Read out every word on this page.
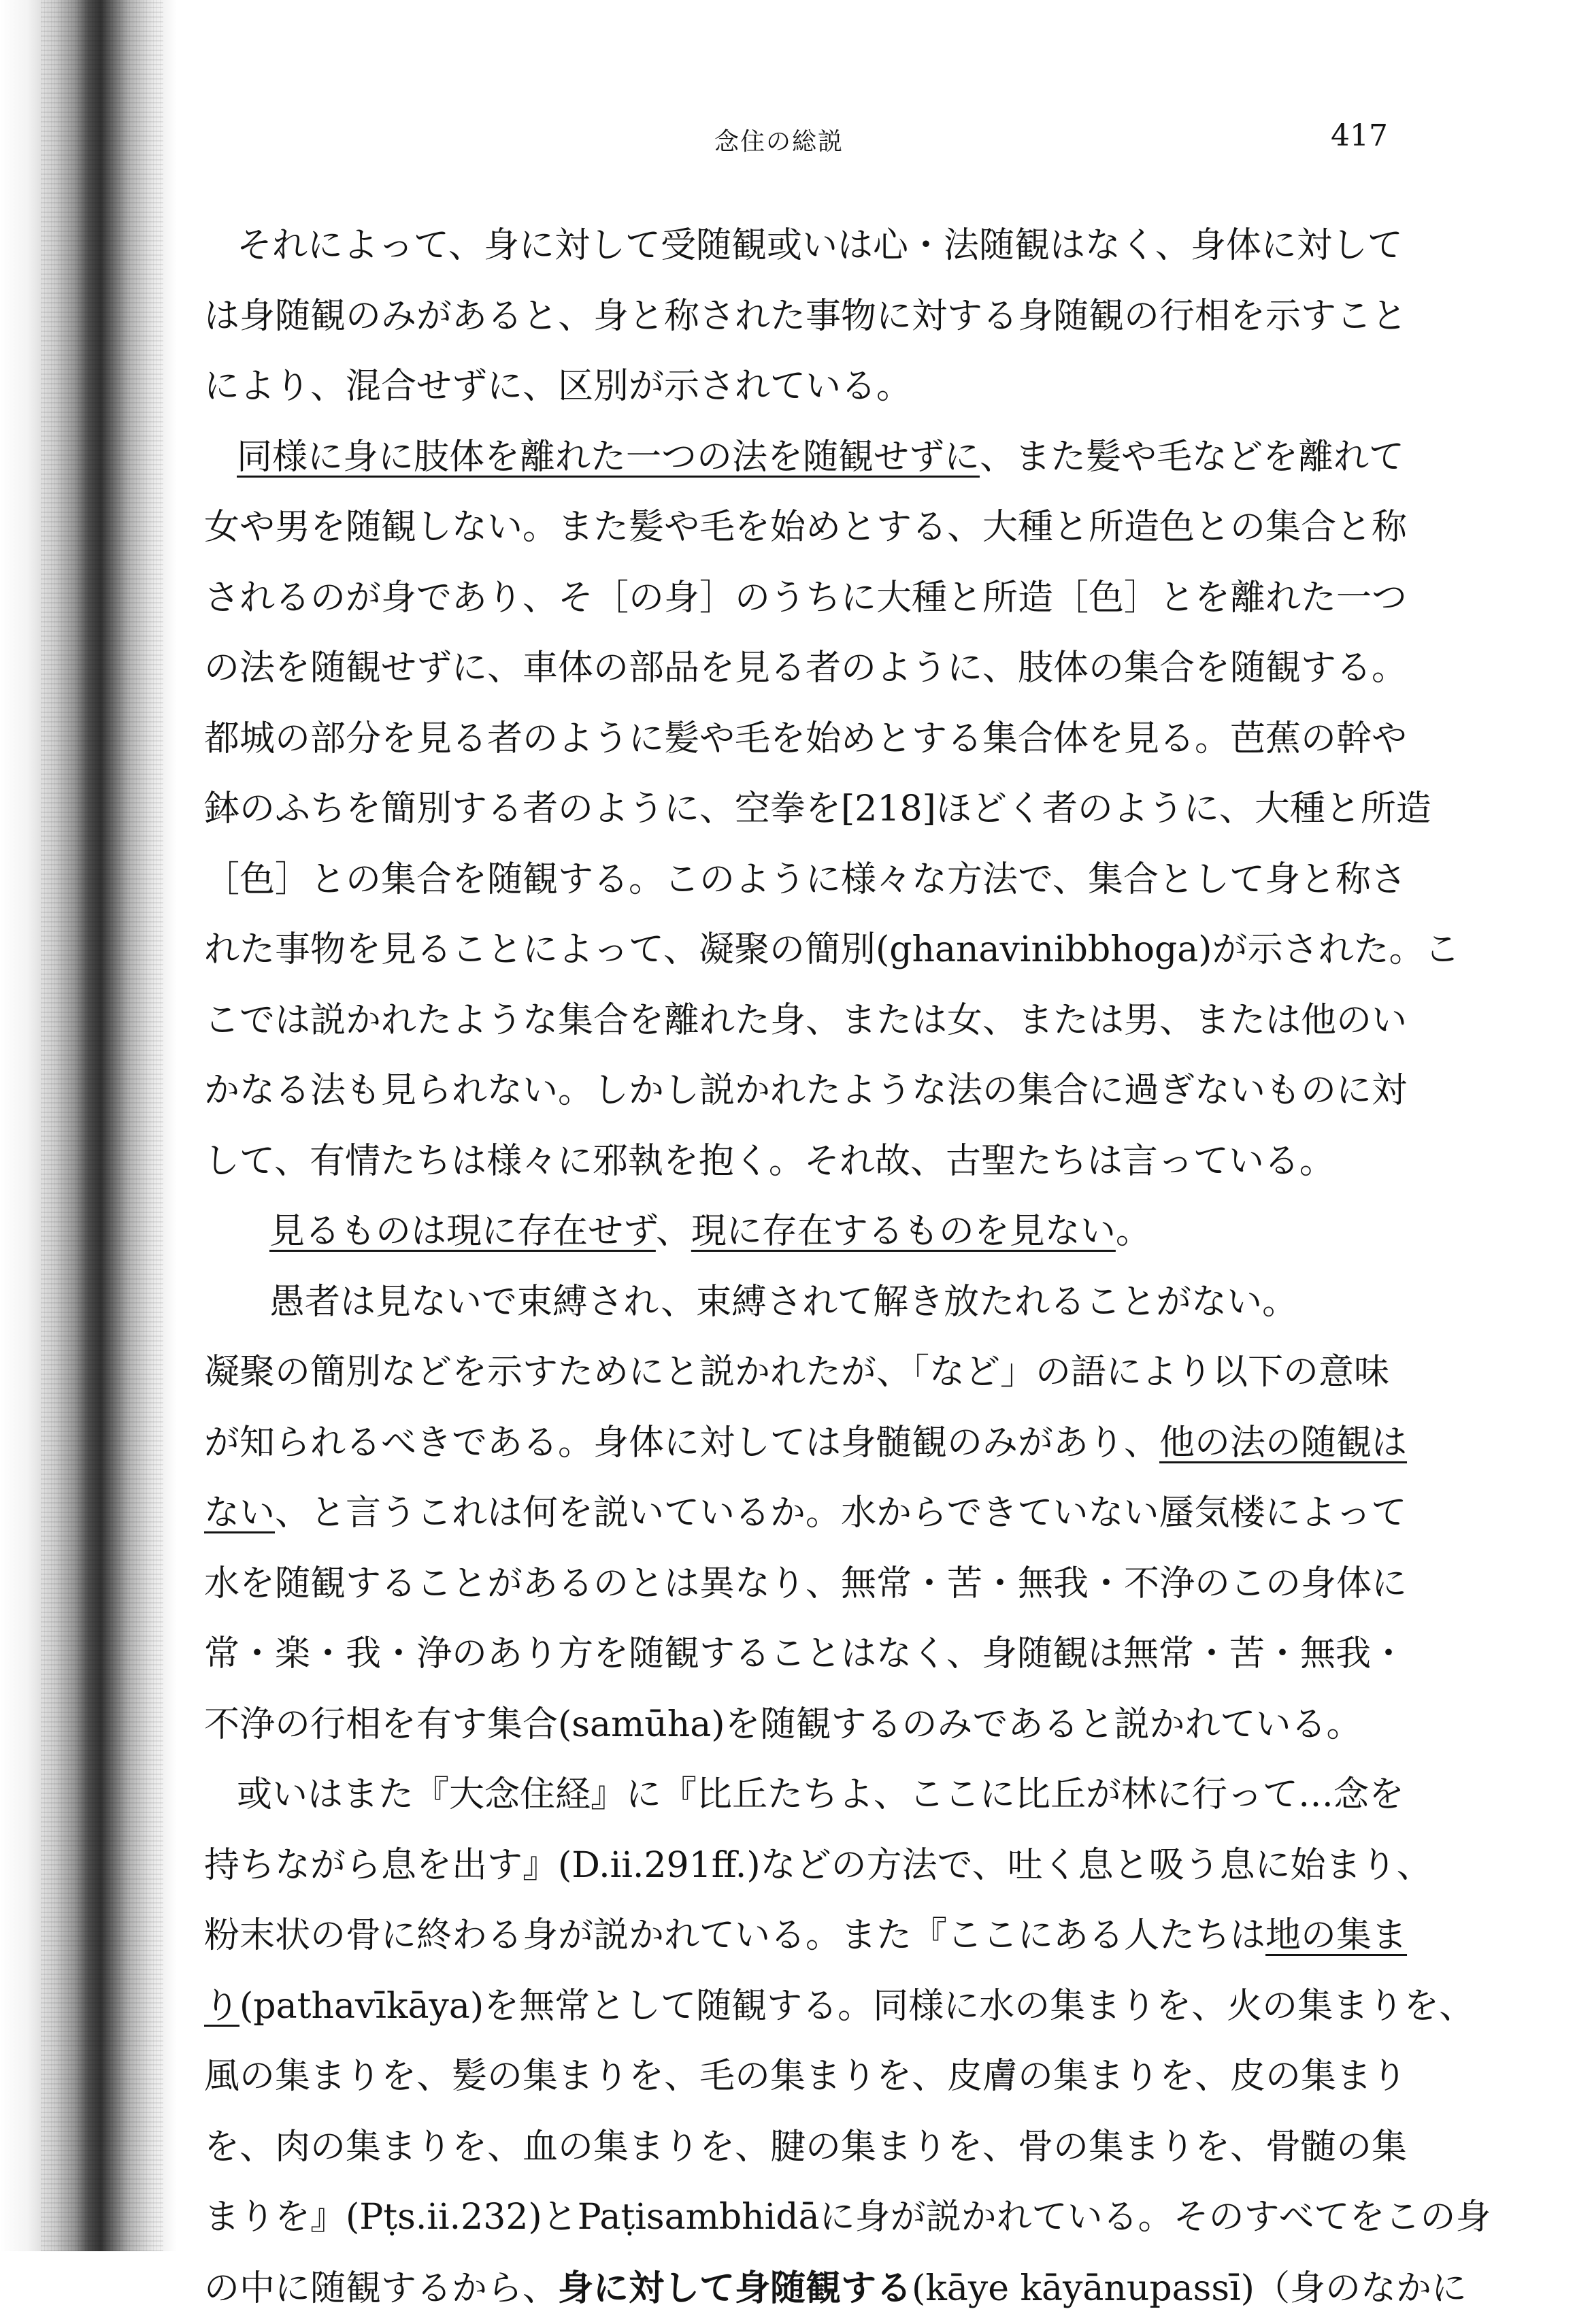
念住の総説	417
それによって、身に対して受随観或いは心・法随観はなく、身体に対して
は身随観のみがあると、身と称された事物に対する身随観の行相を示すこと
により、混合せずに、区別が示されている。
同様に身に肢体を離れた一つの法を随観せずに、また髪や毛などを離れて
女や男を随観しない。また髪や毛を始めとする、大種と所造色との集合と称
されるのが身であり、そ［の身］のうちに大種と所造［色］とを離れた一つ
の法を随観せずに、車体の部品を見る者のように、肢体の集合を随観する。
都城の部分を見る者のように髪や毛を始めとする集合体を見る。芭蕉の幹や
鉢のふちを簡別する者のように、空拳を[218]ほどく者のように、大種と所造
［色］との集合を随観する。このように様々な方法で、集合として身と称さ
れた事物を見ることによって、凝聚の簡別(ghanavinibbhoga)が示された。こ
こでは説かれたような集合を離れた身、または女、または男、または他のい
かなる法も見られない。しかし説かれたような法の集合に過ぎないものに対
して、有情たちは様々に邪執を抱く。それ故、古聖たちは言っている。
見るものは現に存在せず、現に存在するものを見ない。
愚者は見ないで束縛され、束縛されて解き放たれることがない。
凝聚の簡別などを示すためにと説かれたが、「など」の語により以下の意味
が知られるべきである。身体に対しては身髄観のみがあり、他の法の随観は
ない、と言うこれは何を説いているか。水からできていない蜃気楼によって
水を随観することがあるのとは異なり、無常・苦・無我・不浄のこの身体に
常・楽・我・浄のあり方を随観することはなく、身随観は無常・苦・無我・
不浄の行相を有す集合(samūha)を随観するのみであると説かれている。
或いはまた『大念住経』に『比丘たちよ、ここに比丘が林に行って…念を
持ちながら息を出す』(D.ii.291ff.)などの方法で、吐く息と吸う息に始まり、
粉末状の骨に終わる身が説かれている。また『ここにある人たちは地の集ま
り(pathavīkāya)を無常として随観する。同様に水の集まりを、火の集まりを、
風の集まりを、髪の集まりを、毛の集まりを、皮膚の集まりを、皮の集まり
を、肉の集まりを、血の集まりを、腱の集まりを、骨の集まりを、骨髄の集
まりを』(Pṭs.ii.232)とPaṭisambhidāに身が説かれている。そのすべてをこの身
の中に随観するから、身に対して身随観する(kāye kāyānupassī)（身のなかに
